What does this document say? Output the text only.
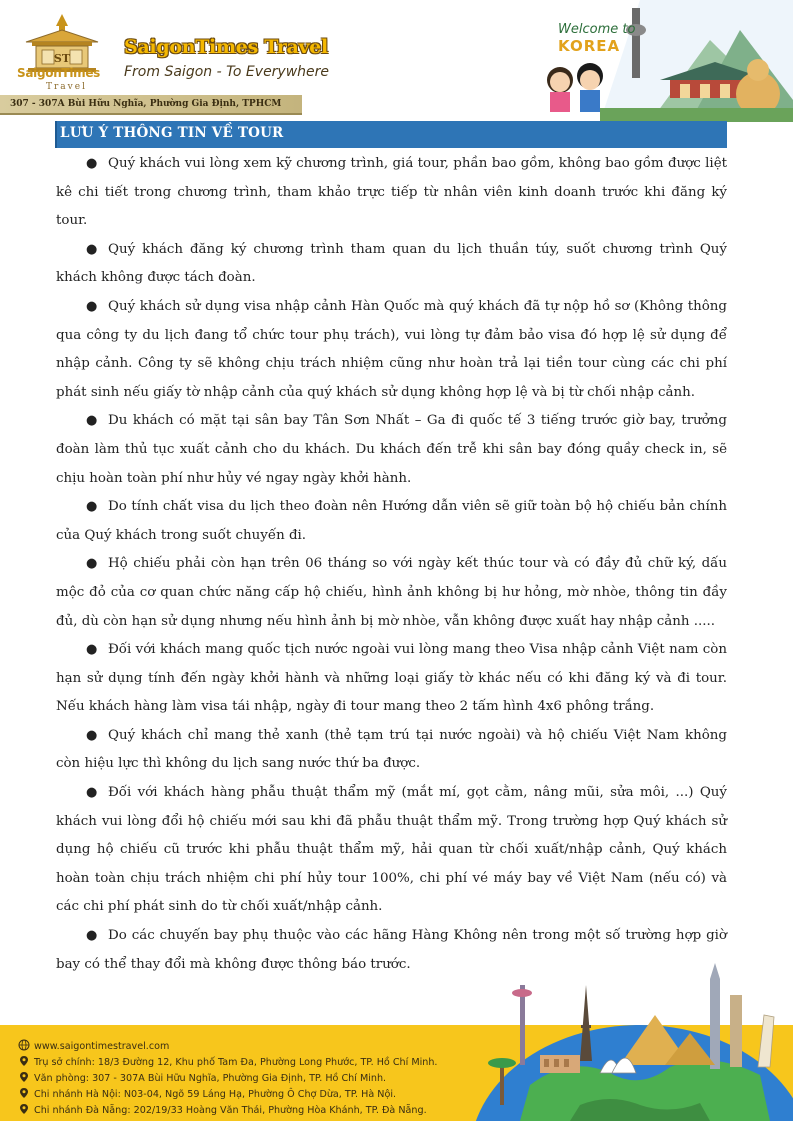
ST
SaigonTimes
Travel
SaigonTimes Travel
From Saigon - To Everywhere
307 - 307A Bùi Hữu Nghĩa, Phường Gia Định, TPHCM
Welcome to
KOREA
LƯU Ý THÔNG TIN VỀ TOUR

● Quý khách vui lòng xem kỹ chương trình, giá tour, phần bao gồm, không bao gồm được liệt kê chi tiết trong chương trình, tham khảo trực tiếp từ nhân viên kinh doanh trước khi đăng ký tour.

● Quý khách đăng ký chương trình tham quan du lịch thuần túy, suốt chương trình Quý khách không được tách đoàn.

● Quý khách sử dụng visa nhập cảnh Hàn Quốc mà quý khách đã tự nộp hồ sơ (Không thông qua công ty du lịch đang tổ chức tour phụ trách), vui lòng tự đảm bảo visa đó hợp lệ sử dụng để nhập cảnh. Công ty sẽ không chịu trách nhiệm cũng như hoàn trả lại tiền tour cùng các chi phí phát sinh nếu giấy tờ nhập cảnh của quý khách sử dụng không hợp lệ và bị từ chối nhập cảnh.

● Du khách có mặt tại sân bay Tân Sơn Nhất – Ga đi quốc tế 3 tiếng trước giờ bay, trưởng đoàn làm thủ tục xuất cảnh cho du khách. Du khách đến trễ khi sân bay đóng quầy check in, sẽ chịu hoàn toàn phí như hủy vé ngay ngày khởi hành.

● Do tính chất visa du lịch theo đoàn nên Hướng dẫn viên sẽ giữ toàn bộ hộ chiếu bản chính của Quý khách trong suốt chuyến đi.

● Hộ chiếu phải còn hạn trên 06 tháng so với ngày kết thúc tour và có đầy đủ chữ ký, dấu mộc đỏ của cơ quan chức năng cấp hộ chiếu, hình ảnh không bị hư hỏng, mờ nhòe, thông tin đầy đủ, dù còn hạn sử dụng nhưng nếu hình ảnh bị mờ nhòe, vẫn không được xuất hay nhập cảnh .....

● Đối với khách mang quốc tịch nước ngoài vui lòng mang theo Visa nhập cảnh Việt nam còn hạn sử dụng tính đến ngày khởi hành và những loại giấy tờ khác nếu có khi đăng ký và đi tour. Nếu khách hàng làm visa tái nhập, ngày đi tour mang theo 2 tấm hình 4x6 phông trắng.

● Quý khách chỉ mang thẻ xanh (thẻ tạm trú tại nước ngoài) và hộ chiếu Việt Nam không còn hiệu lực thì không du lịch sang nước thứ ba được.

● Đối với khách hàng phẫu thuật thẩm mỹ (mắt mí, gọt cằm, nâng mũi, sửa môi, ...) Quý khách vui lòng đổi hộ chiếu mới sau khi đã phẫu thuật thẩm mỹ. Trong trường hợp Quý khách sử dụng hộ chiếu cũ trước khi phẫu thuật thẩm mỹ, hải quan từ chối xuất/nhập cảnh, Quý khách hoàn toàn chịu trách nhiệm chi phí hủy tour 100%, chi phí vé máy bay về Việt Nam (nếu có) và các chi phí phát sinh do từ chối xuất/nhập cảnh.

● Do các chuyến bay phụ thuộc vào các hãng Hàng Không nên trong một số trường hợp giờ bay có thể thay đổi mà không được thông báo trước.

www.saigontimestravel.com
Trụ sở chính: 18/3 Đường 12, Khu phố Tam Đa, Phường Long Phước, TP. Hồ Chí Minh.
Văn phòng: 307 - 307A Bùi Hữu Nghĩa, Phường Gia Định, TP. Hồ Chí Minh.
Chi nhánh Hà Nội: N03-04, Ngõ 59 Láng Hạ, Phường Ô Chợ Dừa, TP. Hà Nội.
Chi nhánh Đà Nẵng: 202/19/33 Hoàng Văn Thái, Phường Hòa Khánh, TP. Đà Nẵng.
